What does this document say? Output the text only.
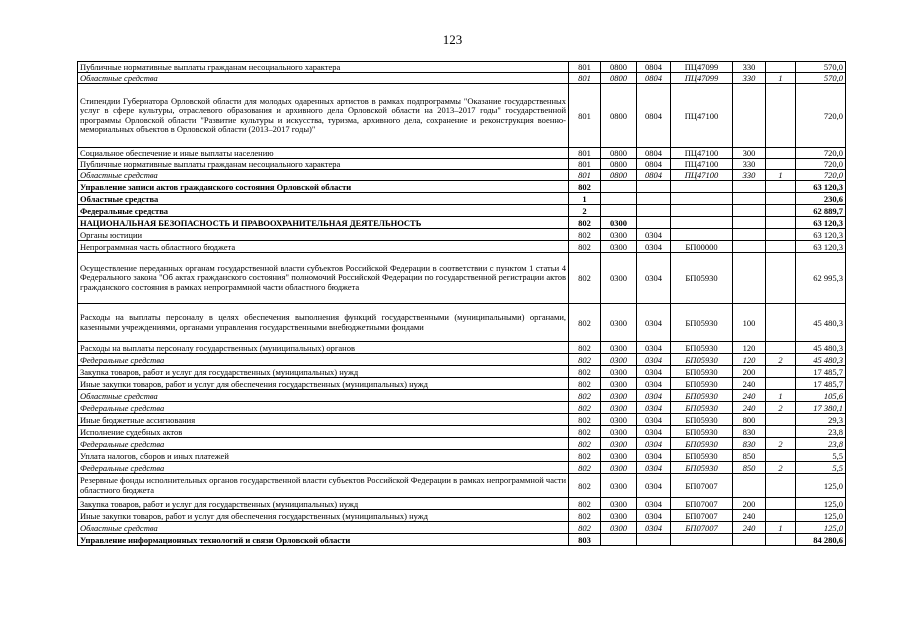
123
Публичные нормативные выплаты гражданам несоциального характера	801	0800	0804	ПЦ47099	330		570,0
Областные средства	801	0800	0804	ПЦ47099	330	1	570,0
Стипендии Губернатора Орловской области для молодых одаренных артистов в рамках подпрограммы "Оказание государственных услуг в сфере культуры, отраслевого образования и архивного дела Орловской области на 2013–2017 годы" государственной программы Орловской области "Развитие культуры и искусства, туризма, архивного дела, сохранение и реконструкция военно-мемориальных объектов в Орловской области (2013–2017 годы)"	801	0800	0804	ПЦ47100			720,0
Социальное обеспечение и иные выплаты населению	801	0800	0804	ПЦ47100	300		720,0
Публичные нормативные выплаты гражданам несоциального характера	801	0800	0804	ПЦ47100	330		720,0
Областные средства	801	0800	0804	ПЦ47100	330	1	720,0
Управление записи актов гражданского состояния Орловской области	802						63 120,3
Областные средства	1						230,6
Федеральные средства	2						62 889,7
НАЦИОНАЛЬНАЯ БЕЗОПАСНОСТЬ И ПРАВООХРАНИТЕЛЬНАЯ ДЕЯТЕЛЬНОСТЬ	802	0300					63 120,3
Органы юстиции	802	0300	0304				63 120,3
Непрограммная часть областного бюджета	802	0300	0304	БП00000			63 120,3
Осуществление переданных органам государственной власти субъектов Российской Федерации в соответствии с пунктом 1 статьи 4 Федерального закона "Об актах гражданского состояния" полномочий Российской Федерации по государственной регистрации актов гражданского состояния в рамках непрограммной части областного бюджета	802	0300	0304	БП05930			62 995,3
Расходы на выплаты персоналу в целях обеспечения выполнения функций государственными (муниципальными) органами, казенными учреждениями, органами управления государственными внебюджетными фондами	802	0300	0304	БП05930	100		45 480,3
Расходы на выплаты персоналу государственных (муниципальных) органов	802	0300	0304	БП05930	120		45 480,3
Федеральные средства	802	0300	0304	БП05930	120	2	45 480,3
Закупка товаров, работ и услуг для государственных (муниципальных) нужд	802	0300	0304	БП05930	200		17 485,7
Иные закупки товаров, работ и услуг для обеспечения государственных (муниципальных) нужд	802	0300	0304	БП05930	240		17 485,7
Областные средства	802	0300	0304	БП05930	240	1	105,6
Федеральные средства	802	0300	0304	БП05930	240	2	17 380,1
Иные бюджетные ассигнования	802	0300	0304	БП05930	800		29,3
Исполнение судебных актов	802	0300	0304	БП05930	830		23,8
Федеральные средства	802	0300	0304	БП05930	830	2	23,8
Уплата налогов, сборов и иных платежей	802	0300	0304	БП05930	850		5,5
Федеральные средства	802	0300	0304	БП05930	850	2	5,5
Резервные фонды исполнительных органов государственной власти субъектов Российской Федерации в рамках непрограммной части областного бюджета	802	0300	0304	БП07007			125,0
Закупка товаров, работ и услуг для государственных (муниципальных) нужд	802	0300	0304	БП07007	200		125,0
Иные закупки товаров, работ и услуг для обеспечения государственных (муниципальных) нужд	802	0300	0304	БП07007	240		125,0
Областные средства	802	0300	0304	БП07007	240	1	125,0
Управление информационных технологий и связи Орловской области	803						84 280,6
